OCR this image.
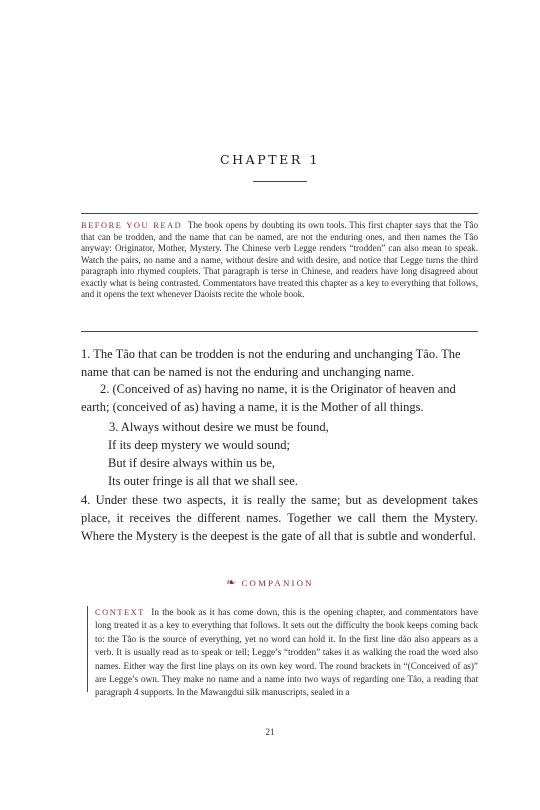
CHAPTER 1

BEFORE YOU READ The book opens by doubting its own tools. This first chapter says that the Tâo that can be trodden, and the name that can be named, are not the enduring ones, and then names the Tâo anyway: Originator, Mother, Mystery. The Chinese verb Legge renders “trodden” can also mean to speak. Watch the pairs, no name and a name, without desire and with desire, and notice that Legge turns the third paragraph into rhymed couplets. That paragraph is terse in Chinese, and readers have long disagreed about exactly what is being contrasted. Commentators have treated this chapter as a key to everything that follows, and it opens the text whenever Daoists recite the whole book.

1. The Tâo that can be trodden is not the enduring and unchanging Tâo. The name that can be named is not the enduring and unchanging name.

2. (Conceived of as) having no name, it is the Originator of heaven and earth; (conceived of as) having a name, it is the Mother of all things.

3. Always without desire we must be found,
If its deep mystery we would sound;
But if desire always within us be,
Its outer fringe is all that we shall see.

4. Under these two aspects, it is really the same; but as development takes place, it receives the different names. Together we call them the Mystery. Where the Mystery is the deepest is the gate of all that is subtle and wonderful.

❧ COMPANION

CONTEXT In the book as it has come down, this is the opening chapter, and commentators have long treated it as a key to everything that follows. It sets out the difficulty the book keeps coming back to: the Tâo is the source of everything, yet no word can hold it. In the first line dào also appears as a verb. It is usually read as to speak or tell; Legge’s “trodden” takes it as walking the road the word also names. Either way the first line plays on its own key word. The round brackets in “(Conceived of as)” are Legge’s own. They make no name and a name into two ways of regarding one Tâo, a reading that paragraph 4 supports. In the Mawangdui silk manuscripts, sealed in a

21
